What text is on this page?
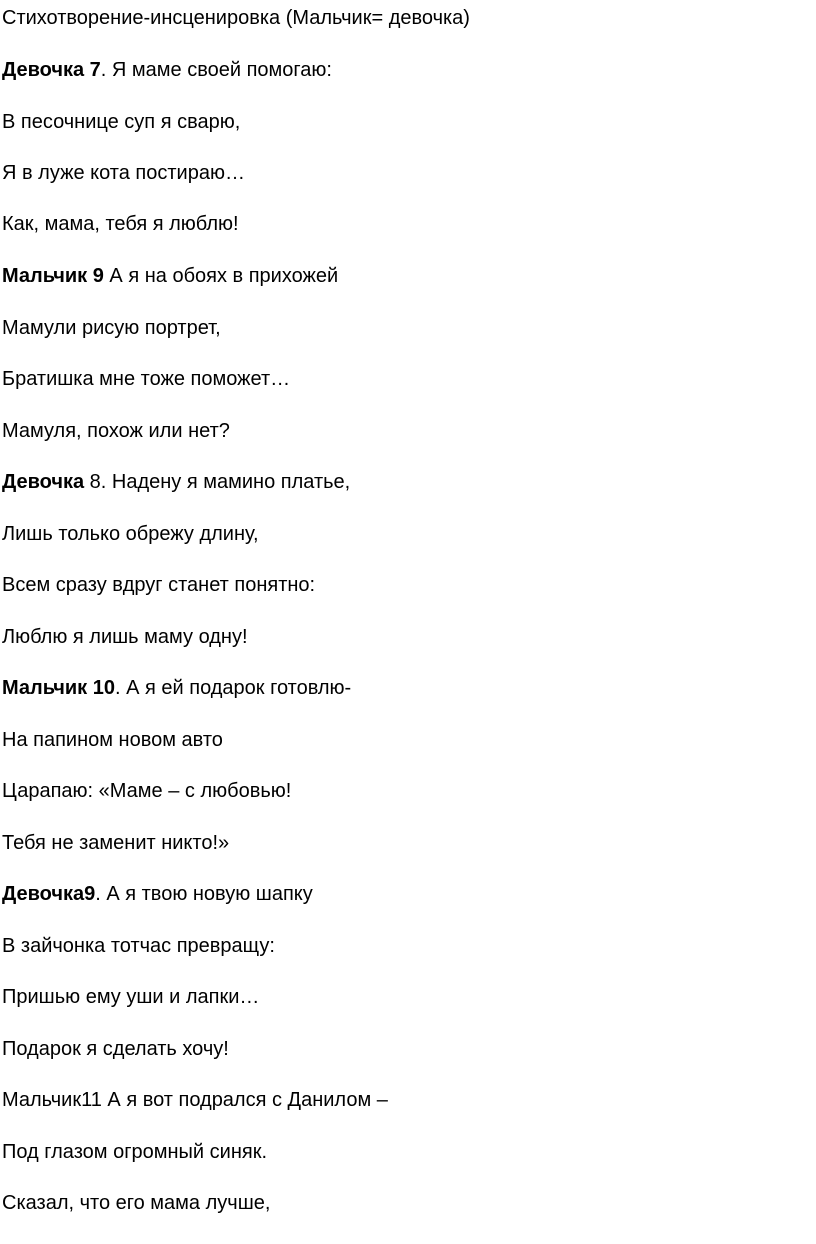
Стихотворение-инсценировка (Мальчик= девочка)
Девочка 7. Я маме своей помогаю:
В песочнице суп я сварю,
Я в луже кота постираю…
Как, мама, тебя я люблю!
Мальчик 9 А я на обоях в прихожей
Мамули рисую портрет,
Братишка мне тоже поможет…
Мамуля, похож или нет?
Девочка 8. Надену я мамино платье,
Лишь только обрежу длину,
Всем сразу вдруг станет понятно:
Люблю я лишь маму одну!
Мальчик 10. А я ей подарок готовлю-
На папином новом авто
Царапаю: «Маме – с любовью!
Тебя не заменит никто!»
Девочка9. А я твою новую шапку
В зайчонка тотчас превращу:
Пришью ему уши и лапки…
Подарок я сделать хочу!
Мальчик11 А я вот подрался с Данилом –
Под глазом огромный синяк.
Сказал, что его мама лучше,
